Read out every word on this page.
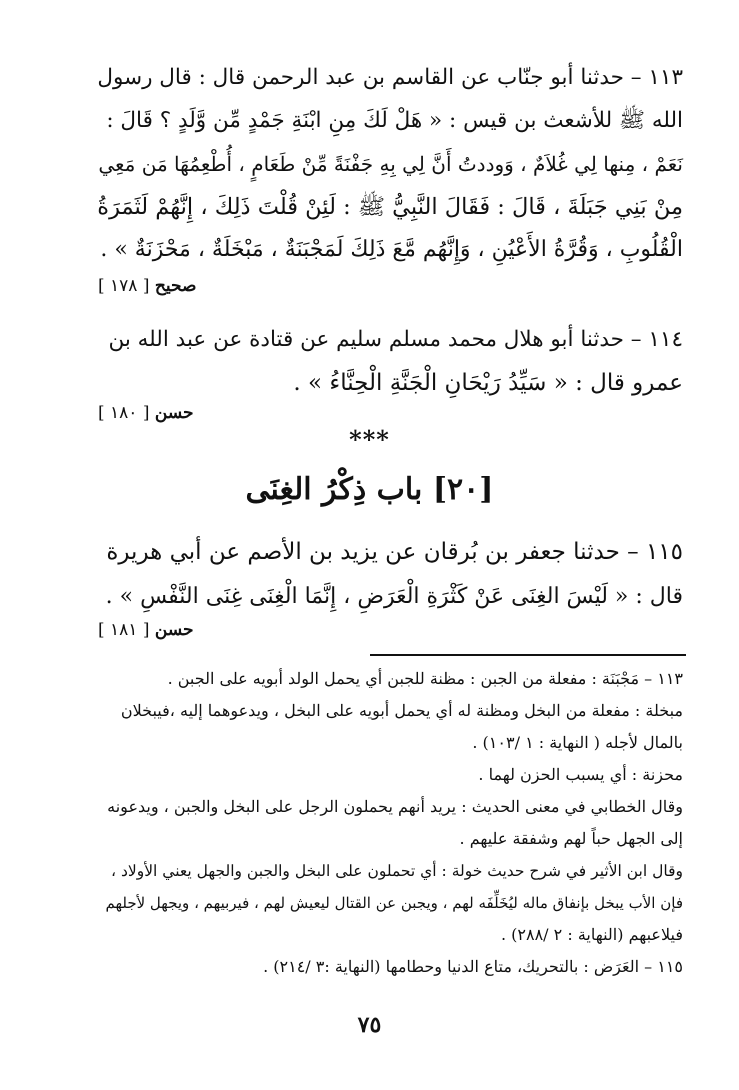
١١٣ – حدثنا أبو جنّاب عن القاسم بن عبد الرحمن قال : قال رسول
الله ﷺ للأشعث بن قيس : « هَلْ لَكَ مِنِ ابْنَةِ جَمْدٍ مِّن وَّلَدٍ ؟ قَالَ :
نَعَمْ ، مِنها لِي غُلاَمٌ ، وَوددتُ أَنَّ لِي بِهِ جَفْنَةً مِّنْ طَعَامٍ ، أُطْعِمُهَا مَن مَعِي
مِنْ بَنِي جَبَلَةَ ، قَالَ : فَقَالَ النَّبِيُّ ﷺ : لَئِنْ قُلْتَ ذَلِكَ ، إِنَّهُمْ لَثَمَرَةُ
الْقُلُوبِ ، وَقُرَّةُ الأَعْيُنِ ، وَإِنَّهُم مَّعَ ذَلِكَ لَمَجْبَنَةٌ ، مَبْخَلَةٌ ، مَحْزَنَةٌ » .
صحيح [ ١٧٨ ]
١١٤ – حدثنا أبو هلال محمد مسلم سليم عن قتادة عن عبد الله بن
عمرو قال : « سَيِّدُ رَيْحَانِ الْجَنَّةِ الْحِنَّاءُ » .
حسن [ ١٨٠ ]
***
[٢٠] باب ذِكْرُ الغِنَى
١١٥ – حدثنا جعفر بن بُرقان عن يزيد بن الأصم عن أبي هريرة
قال : « لَيْسَ الغِنَى عَنْ كَثْرَةِ الْعَرَضِ ، إِنَّمَا الْغِنَى غِنَى النَّفْسِ » .
حسن [ ١٨١ ]
١١٣ – مَجْبَنَة : مفعلة من الجبن : مظنة للجبن أي يحمل الولد أبويه على الجبن .
مبخلة : مفعلة من البخل ومظنة له أي يحمل أبويه على البخل ، ويدعوهما إليه ،فيبخلان
بالمال لأجله ( النهاية : ١ /١٠٣) .
محزنة : أي يسبب الحزن لهما .
وقال الخطابي في معنى الحديث : يريد أنهم يحملون الرجل على البخل والجبن ، ويدعونه
إلى الجهل حباً لهم وشفقة عليهم .
وقال ابن الأثير في شرح حديث خولة : أي تحملون على البخل والجبن والجهل يعني الأولاد ،
فإن الأب يبخل بإنفاق ماله ليُخَلِّفَه لهم ، ويجبن عن القتال ليعيش لهم ، فيربيهم ، ويجهل لأجلهم
فيلاعبهم (النهاية : ٢ /٢٨٨) .
١١٥ – العَرَض : بالتحريك، متاع الدنيا وحطامها (النهاية :٣ /٢١٤) .
٧٥
